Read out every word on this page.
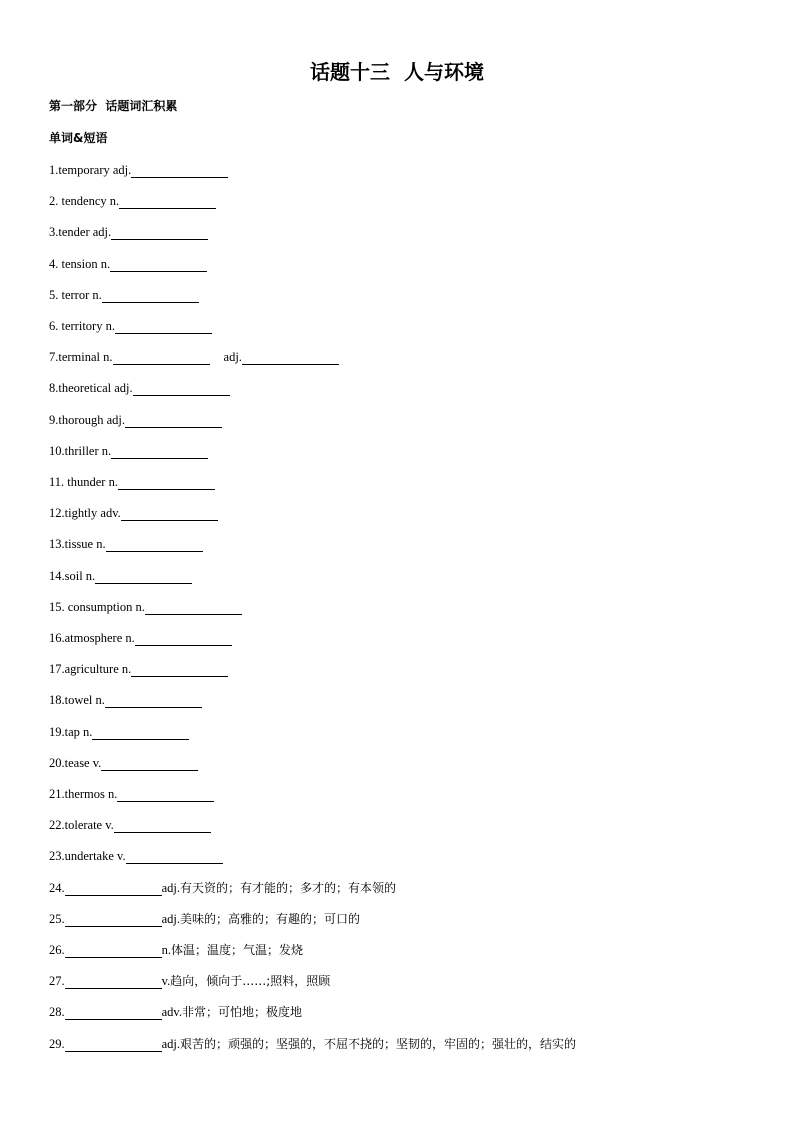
话题十三  人与环境
第一部分  话题词汇积累
单词&短语
1.temporary adj.
2. tendency n.
3.tender adj.
4. tension n.
5. terror n.
6. territory n.
7.terminal n.	adj.
8.theoretical adj.
9.thorough adj.
10.thriller n.
11. thunder n.
12.tightly adv.
13.tissue n.
14.soil n.
15. consumption n.
16.atmosphere n.
17.agriculture n.
18.towel n.
19.tap n.
20.tease v.
21.thermos n.
22.tolerate v.
23.undertake v.
24.	adj. 有天资的；有才能的；多才的；有本领的
25.	adj. 美味的；高雅的；有趣的；可口的
26.	n. 体温；温度；气温；发烧
27.	v. 趋向，倾向于……;照料，照顾
28.	adv. 非常；可怕地；极度地
29.	adj. 艰苦的；顽强的；坚强的，不屈不挠的；坚韧的，牢固的；强壮的，结实的
